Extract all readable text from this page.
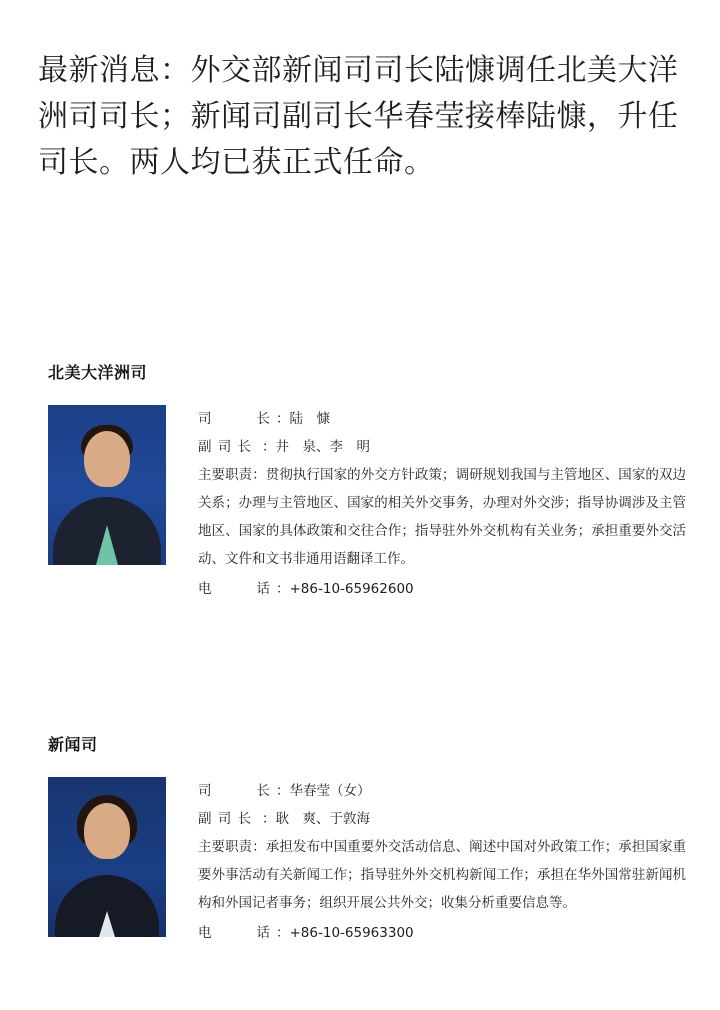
最新消息：外交部新闻司司长陆慷调任北美大洋洲司司长；新闻司副司长华春莹接棒陆慷，升任司长。两人均已获正式任命。
北美大洋洲司
司　　长：陆　慷
副 司 长 ：井　泉、李　明
主要职责：贯彻执行国家的外交方针政策；调研规划我国与主管地区、国家的双边关系；办理与主管地区、国家的相关外交事务，办理对外交涉；指导协调涉及主管地区、国家的具体政策和交往合作；指导驻外外交机构有关业务；承担重要外交活动、文件和文书非通用语翻译工作。
电　　话：+86-10-65962600
新闻司
司　　长：华春莹（女）
副 司 长 ：耿　爽、于敦海
主要职责：承担发布中国重要外交活动信息、阐述中国对外政策工作；承担国家重要外事活动有关新闻工作；指导驻外外交机构新闻工作；承担在华外国常驻新闻机构和外国记者事务；组织开展公共外交；收集分析重要信息等。
电　　话：+86-10-65963300
